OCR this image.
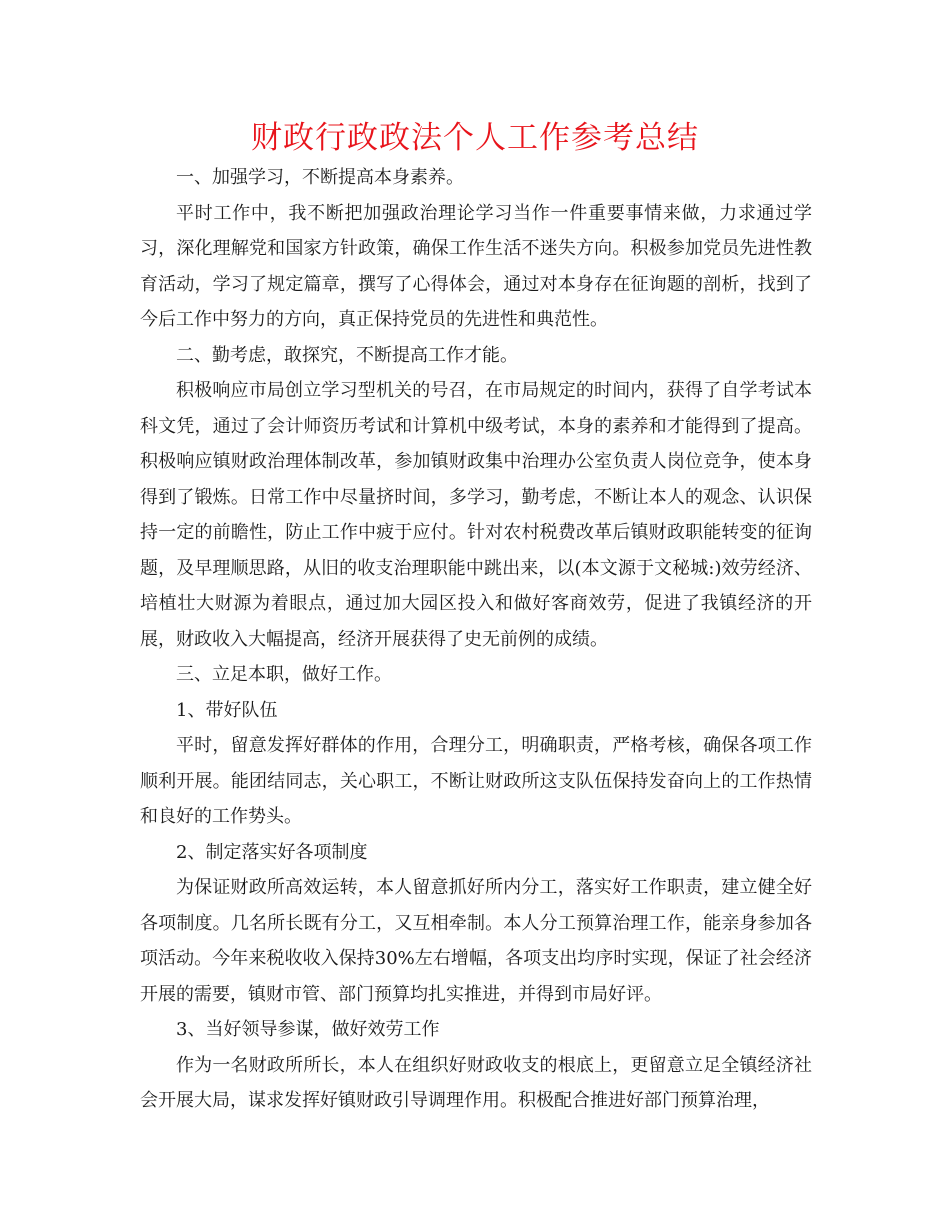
财政行政政法个人工作参考总结

一、加强学习，不断提高本身素养。

平时工作中，我不断把加强政治理论学习当作一件重要事情来做，力求通过学习，深化理解党和国家方针政策，确保工作生活不迷失方向。积极参加党员先进性教育活动，学习了规定篇章，撰写了心得体会，通过对本身存在征询题的剖析，找到了今后工作中努力的方向，真正保持党员的先进性和典范性。

二、勤考虑，敢探究，不断提高工作才能。

积极响应市局创立学习型机关的号召，在市局规定的时间内，获得了自学考试本科文凭，通过了会计师资历考试和计算机中级考试，本身的素养和才能得到了提高。积极响应镇财政治理体制改革，参加镇财政集中治理办公室负责人岗位竞争，使本身得到了锻炼。日常工作中尽量挤时间，多学习，勤考虑，不断让本人的观念、认识保持一定的前瞻性，防止工作中疲于应付。针对农村税费改革后镇财政职能转变的征询题，及早理顺思路，从旧的收支治理职能中跳出来，以(本文源于文秘城:)效劳经济、培植壮大财源为着眼点，通过加大园区投入和做好客商效劳，促进了我镇经济的开展，财政收入大幅提高，经济开展获得了史无前例的成绩。

三、立足本职，做好工作。

1、带好队伍

平时，留意发挥好群体的作用，合理分工，明确职责，严格考核，确保各项工作顺利开展。能团结同志，关心职工，不断让财政所这支队伍保持发奋向上的工作热情和良好的工作势头。

2、制定落实好各项制度

为保证财政所高效运转，本人留意抓好所内分工，落实好工作职责，建立健全好各项制度。几名所长既有分工，又互相牵制。本人分工预算治理工作，能亲身参加各项活动。今年来税收收入保持30%左右增幅，各项支出均序时实现，保证了社会经济开展的需要，镇财市管、部门预算均扎实推进，并得到市局好评。

3、当好领导参谋，做好效劳工作

作为一名财政所所长，本人在组织好财政收支的根底上，更留意立足全镇经济社会开展大局，谋求发挥好镇财政引导调理作用。积极配合推进好部门预算治理，
